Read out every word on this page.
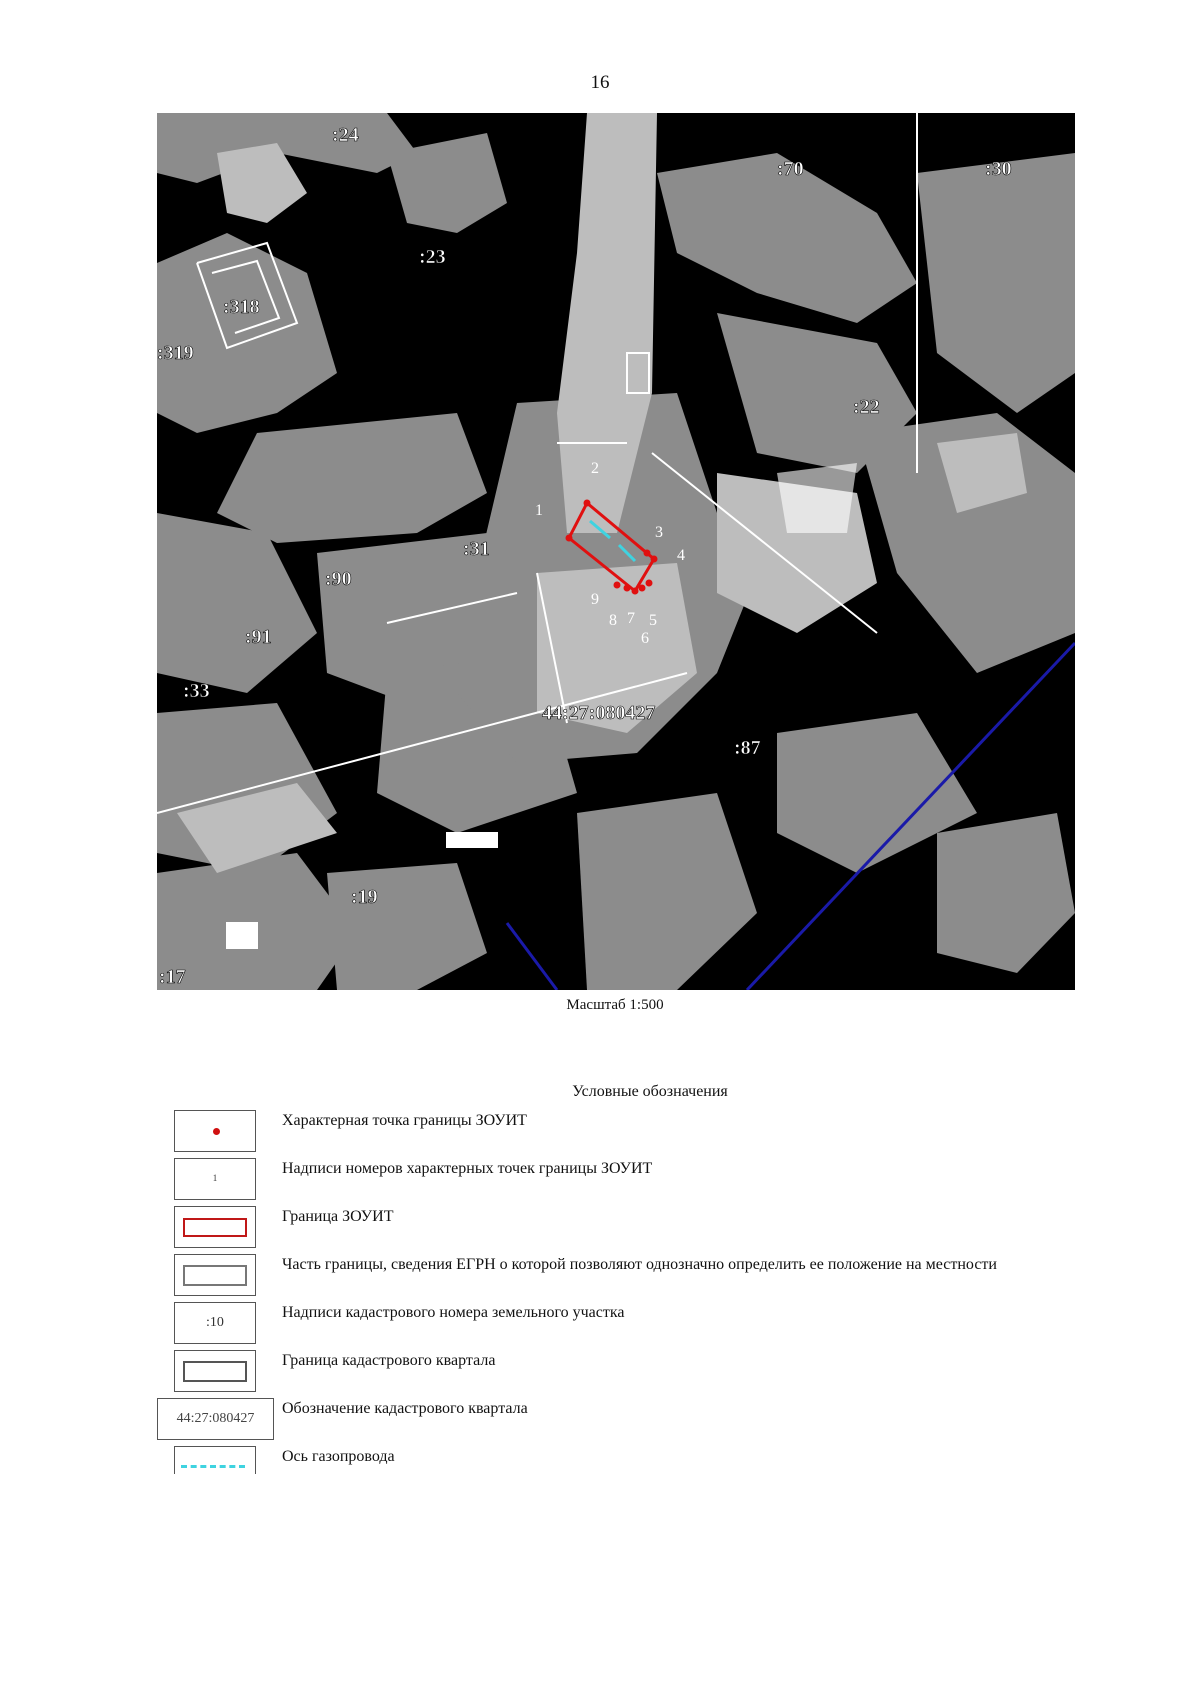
16
:24
:70	:30
:23
:318
:319
:22
:31
:90
:91
:33
:87
:19
:17
1
2
3
4
5
6
7
8
9
44:27:080427
Масштаб 1:500
Условные обозначения
Характерная точка границы ЗОУИТ
1
Надписи номеров характерных точек границы ЗОУИТ
Граница ЗОУИТ
Часть границы, сведения ЕГРН о которой позволяют однозначно определить ее положение на местности
:10
Надписи кадастрового номера земельного участка
Граница кадастрового квартала
44:27:080427
Обозначение кадастрового квартала
Ось газопровода
